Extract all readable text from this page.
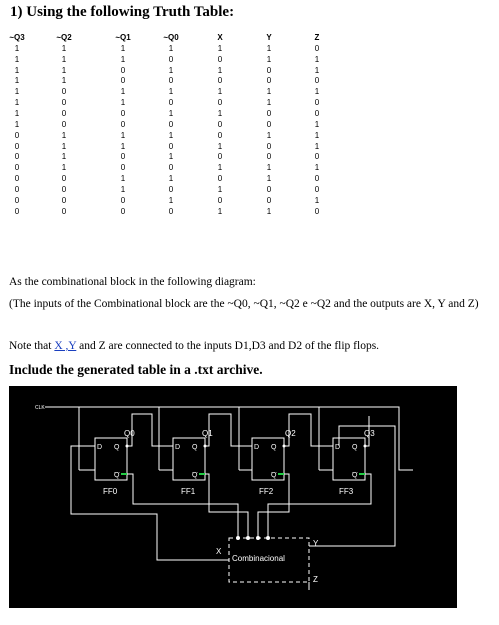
1) Using the following Truth Table:
~Q3	~Q2	~Q1	~Q0	X	Y	Z
1	1	1	1	1	1	0
1	1	1	0	0	1	1
1	1	0	1	1	0	1
1	1	0	0	0	0	0
1	0	1	1	1	1	1
1	0	1	0	0	1	0
1	0	0	1	1	0	0
1	0	0	0	0	0	1
0	1	1	1	0	1	1
0	1	1	0	1	0	1
0	1	0	1	0	0	0
0	1	0	0	1	1	1
0	0	1	1	0	1	0
0	0	1	0	1	0	0
0	0	0	1	0	0	1
0	0	0	0	1	1	0
As the combinational block in the following diagram:
(The inputs of the Combinational block are the ~Q0, ~Q1, ~Q2 e ~Q2 and the outputs are X, Y and Z)
Note that X ,Y and Z are connected to the inputs D1,D3 and D2 of the flip flops.
Include the generated table in a .txt archive.
CLK
D Q
Q
Q0
FF0
D Q
Q
Q1
FF1
D Q
Q
Q2
FF2
D Q
Q
Q3
FF3
Combinacional
X
Y
Z
